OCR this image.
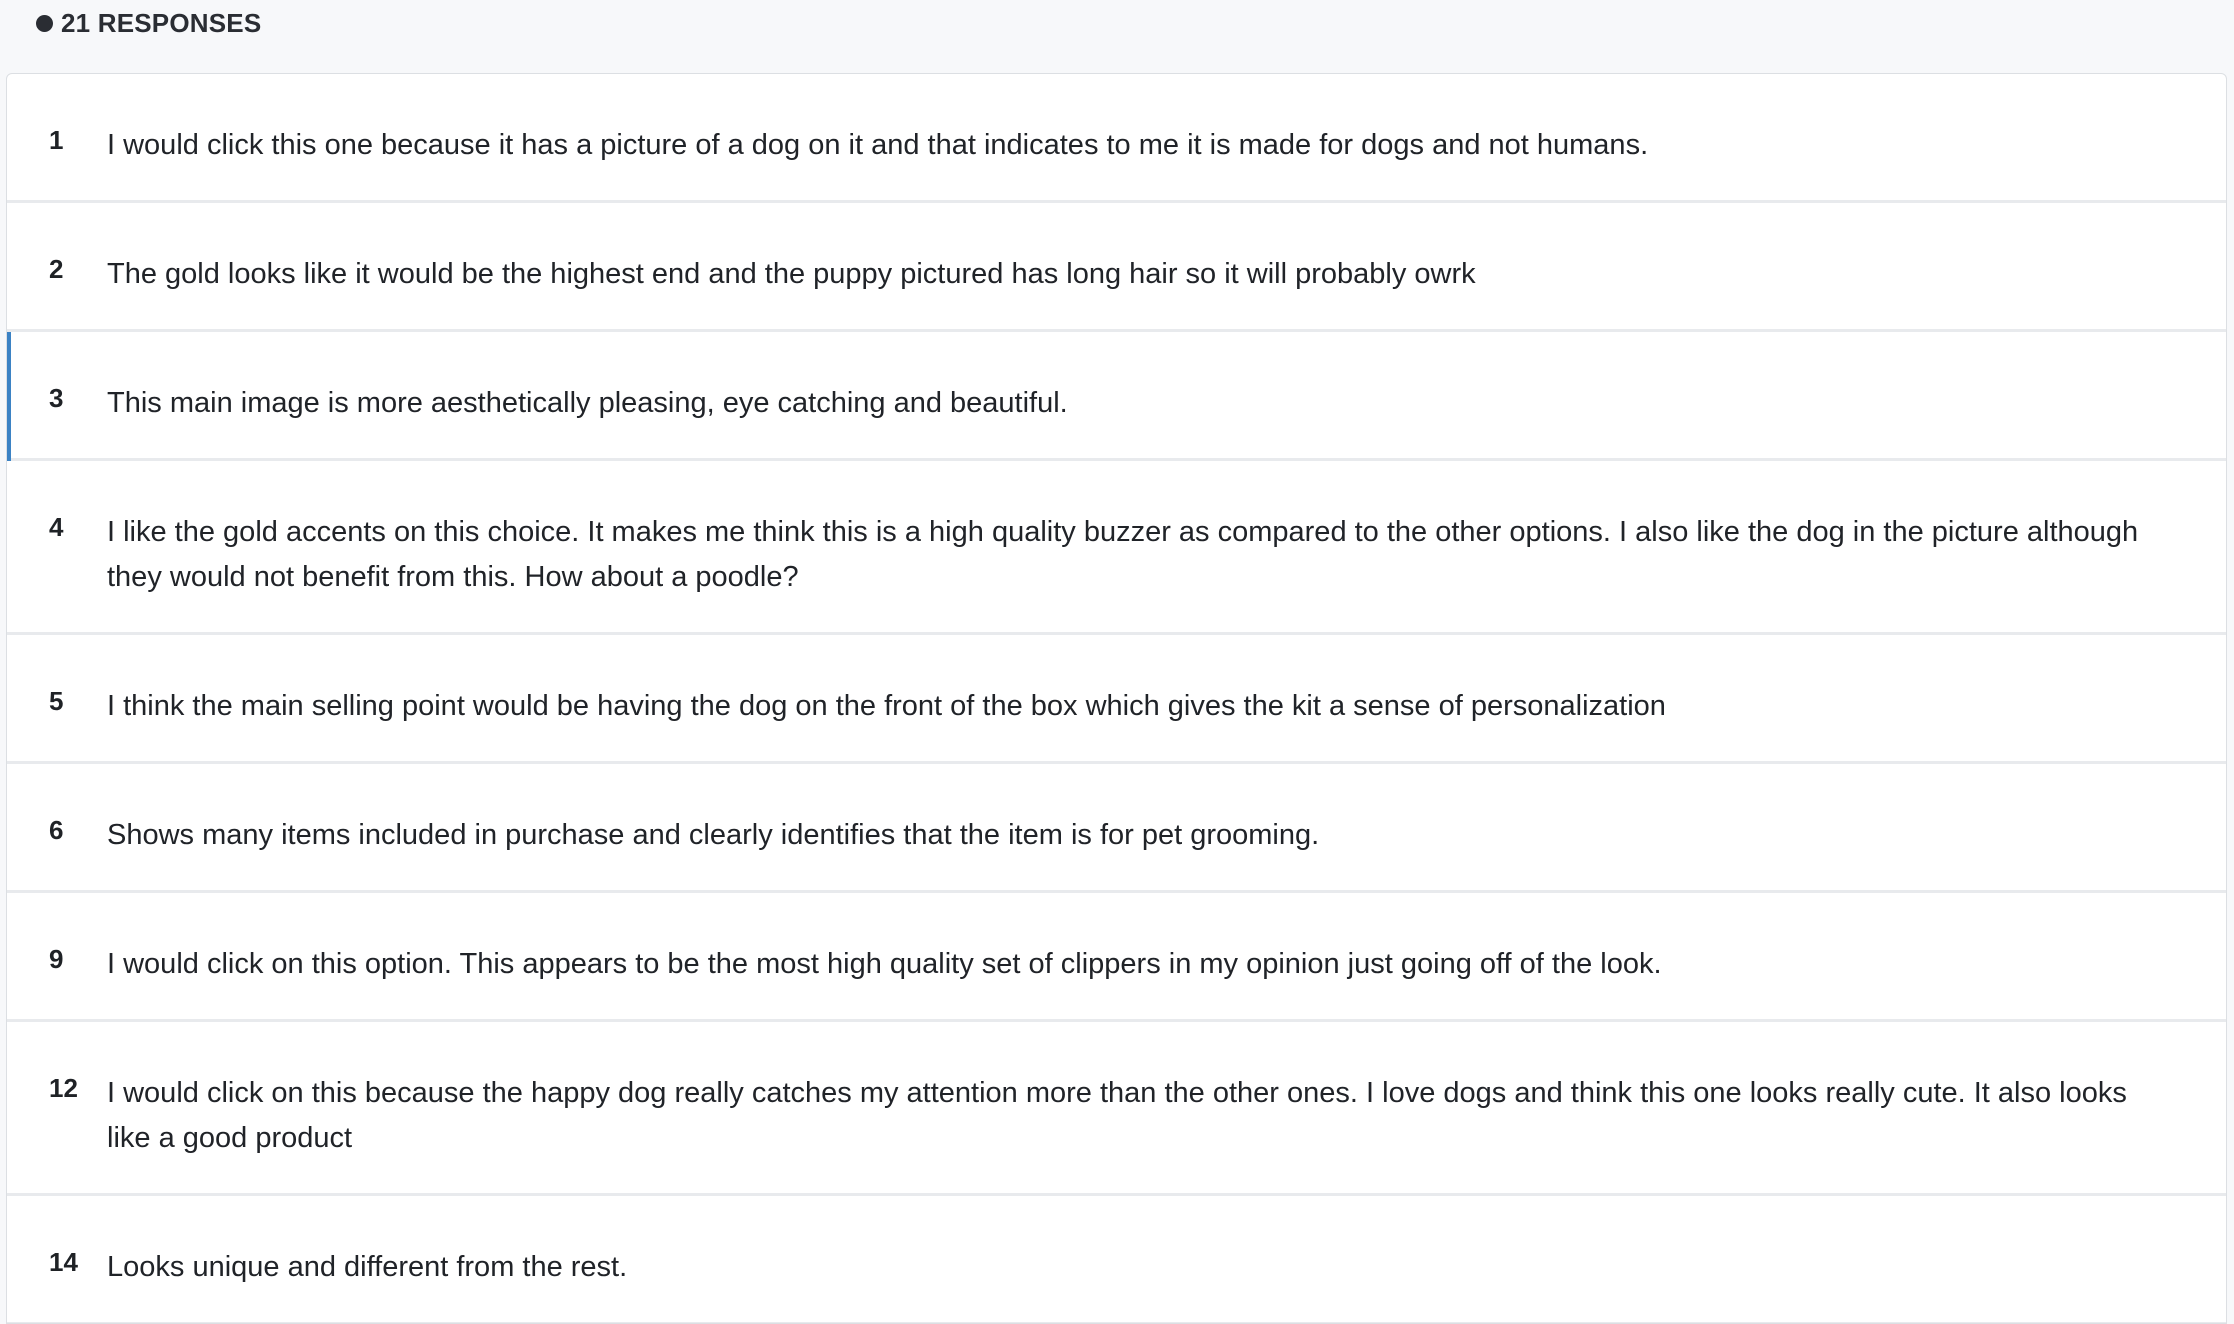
21 RESPONSES
1 I would click this one because it has a picture of a dog on it and that indicates to me it is made for dogs and not humans.
2 The gold looks like it would be the highest end and the puppy pictured has long hair so it will probably owrk
3 This main image is more aesthetically pleasing, eye catching and beautiful.
4 I like the gold accents on this choice. It makes me think this is a high quality buzzer as compared to the other options. I also like the dog in the picture although they would not benefit from this. How about a poodle?
5 I think the main selling point would be having the dog on the front of the box which gives the kit a sense of personalization
6 Shows many items included in purchase and clearly identifies that the item is for pet grooming.
9 I would click on this option. This appears to be the most high quality set of clippers in my opinion just going off of the look.
12 I would click on this because the happy dog really catches my attention more than the other ones. I love dogs and think this one looks really cute. It also looks like a good product
14 Looks unique and different from the rest.
